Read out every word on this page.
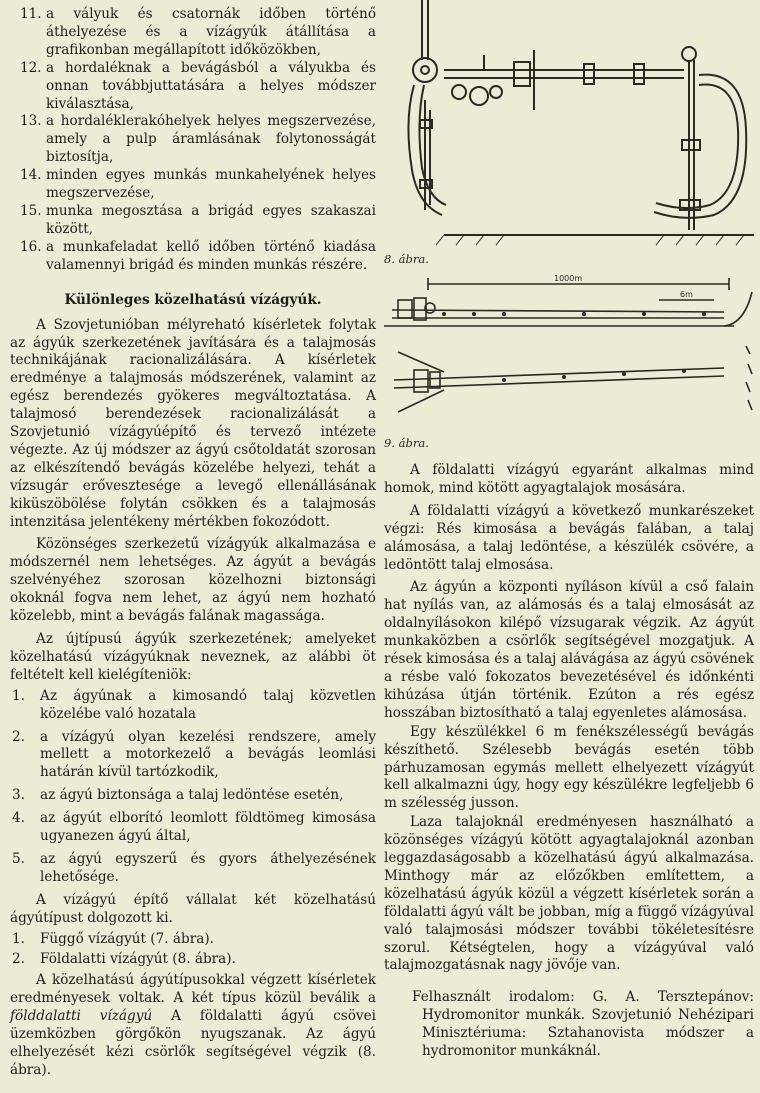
11. a vályuk és csatornák időben történő áthelyezése és a vízágyúk átállítása a grafikonban megállapított időközökben,
12. a hordaléknak a bevágásból a vályukba és onnan továbbjuttatására a helyes módszer kiválasztása,
13. a hordaléklerakóhelyek helyes megszervezése, amely a pulp áramlásának folytonosságát biztosítja,
14. minden egyes munkás munkahelyének helyes megszervezése,
15. munka megosztása a brigád egyes szakaszai között,
16. a munkafeladat kellő időben történő kiadása valamennyi brigád és minden munkás részére.
Különleges közelhatású vízágyúk.

A Szovjetunióban mélyreható kísérletek folytak az ágyúk szerkezetének javítására és a talajmosás technikájának racionalizálására. A kísérletek eredménye a talajmosás módszerének, valamint az egész berendezés gyökeres megváltoztatása. A talajmosó berendezések racionalizálását a Szovjetunió vízágyúépítő és tervező intézete végezte. Az új módszer az ágyú csőtoldatát szorosan az elkészítendő bevágás közelébe helyezi, tehát a vízsugár erővesztesége a levegő ellenállásának kiküszöbölése folytán csökken és a talajmosás intenzitása jelentékeny mértékben fokozódott.

Közönséges szerkezetű vízágyúk alkalmazása e módszernél nem lehetséges. Az ágyút a bevágás szelvényéhez szorosan közelhozni biztonsági okoknál fogva nem lehet, az ágyú nem hozható közelebb, mint a bevágás falának magassága.

Az újtípusú ágyúk szerkezetének; amelyeket közelhatású vízágyúknak neveznek, az alábbi öt feltételt kell kielégíteniök:

1. Az ágyúnak a kimosandó talaj közvetlen közelébe való hozatala
2. a vízágyú olyan kezelési rendszere, amely mellett a motorkezelő a bevágás leomlási határán kívül tartózkodik,
3. az ágyú biztonsága a talaj ledöntése esetén,
4. az ágyút elborító leomlott földtömeg kimosása ugyanezen ágyú által,
5. az ágyú egyszerű és gyors áthelyezésének lehetősége.

A vízágyú építő vállalat két közelhatású ágyútípust dolgozott ki.

1. Függő vízágyút (7. ábra).
2. Földalatti vízágyút (8. ábra).

A közelhatású ágyútípusokkal végzett kísérletek eredményesek voltak. A két típus közül beválik a földdalatti vízágyú A földalatti ágyú csövei üzemközben görgőkön nyugszanak. Az ágyú elhelyezését kézi csörlők segítségével végzik (8. ábra).

8. ábra.
1000m
6m
9. ábra.

A földalatti vízágyú egyaránt alkalmas mind homok, mind kötött agyagtalajok mosására.

A földalatti vízágyú a következő munkarészeket végzi: Rés kimosása a bevágás falában, a talaj alámosása, a talaj ledöntése, a készülék csövére, a ledöntött talaj elmosása.

Az ágyún a központi nyíláson kívül a cső falain hat nyílás van, az alámosás és a talaj elmosását az oldalnyílásokon kilépő vízsugarak végzik. Az ágyút munkaközben a csörlők segítségével mozgatjuk. A rések kimosása és a talaj alávágása az ágyú csövének a résbe való fokozatos bevezetésével és időnkénti kihúzása útján történik. Ezúton a rés egész hosszában biztosítható a talaj egyenletes alámosása.

Egy készülékkel 6 m fenékszélességű bevágás készíthető. Szélesebb bevágás esetén több párhuzamosan egymás mellett elhelyezett vízágyút kell alkalmazni úgy, hogy egy készülékre legfeljebb 6 m szélesség jusson.

Laza talajoknál eredményesen használható a közönséges vízágyú kötött agyagtalajoknál azonban leggazdaságosabb a közelhatású ágyú alkalmazása. Minthogy már az előzőkben említettem, a közelhatású ágyúk közül a végzett kísérletek során a földalatti ágyú vált be jobban, míg a függő vízágyúval való talajmosási módszer további tökéletesítésre szorul. Kétségtelen, hogy a vízágyúval való talajmozgatásnak nagy jövője van.

Felhasznált irodalom: G. A. Tersztepánov: Hydromonitor munkák. Szovjetunió Nehézipari Minisztériuma: Sztahanovista módszer a hydromonitor munkáknál.
